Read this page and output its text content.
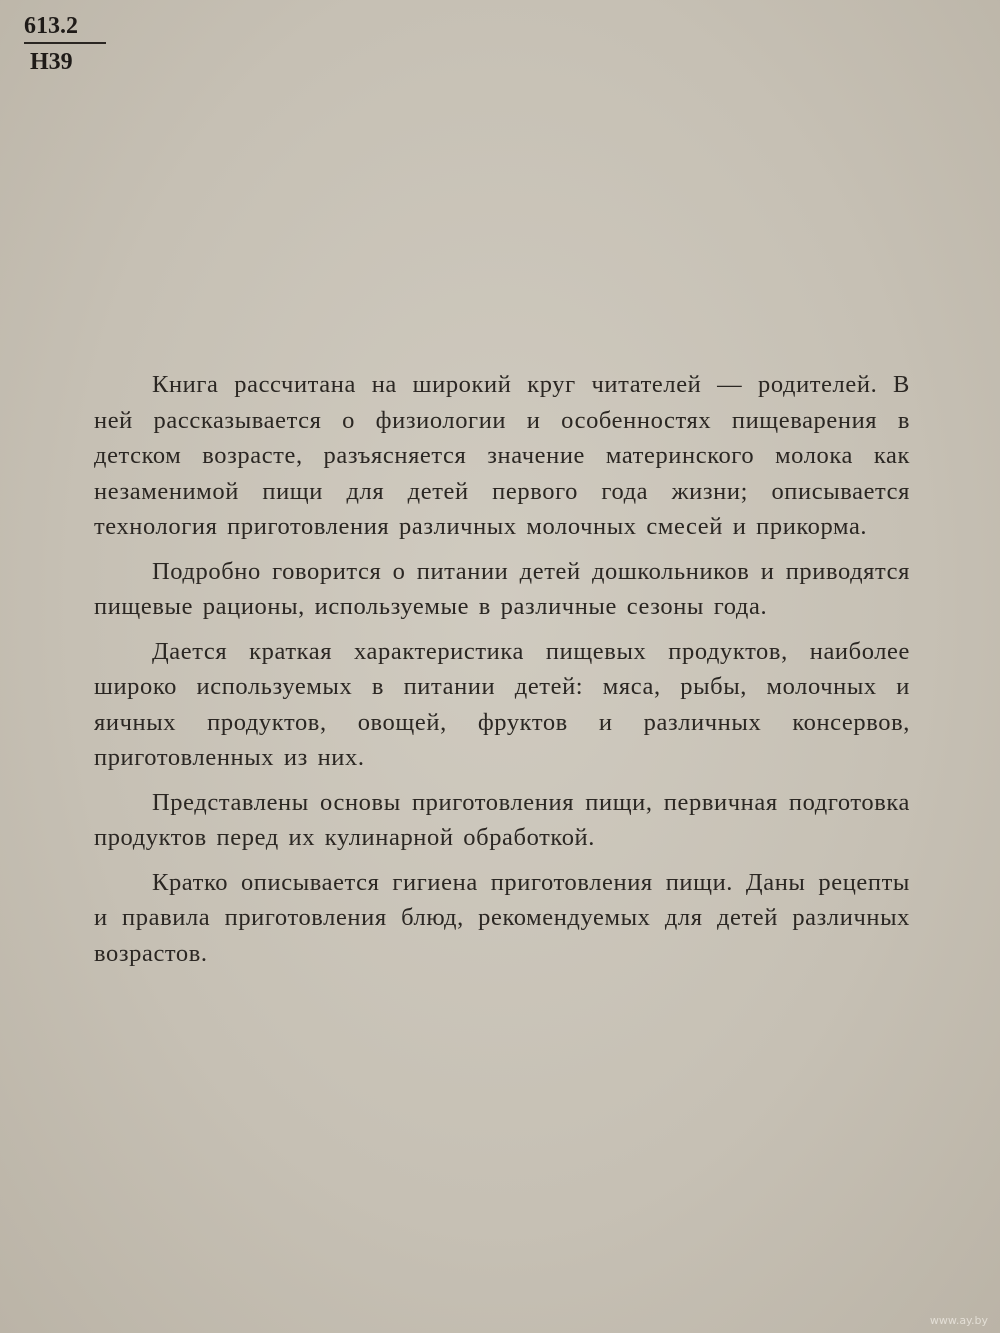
613.2
Н39

Книга рассчитана на широкий круг читателей — родителей. В ней рассказывается о физиологии и особенностях пищеварения в детском возрасте, разъясняется значение материнского молока как незаменимой пищи для детей первого года жизни; описывается технология приготовления различных молочных смесей и прикорма.

Подробно говорится о питании детей дошкольников и приводятся пищевые рационы, используемые в различные сезоны года.

Дается краткая характеристика пищевых продуктов, наиболее широко используемых в питании детей: мяса, рыбы, молочных и яичных продуктов, овощей, фруктов и различных консервов, приготовленных из них.

Представлены основы приготовления пищи, первичная подготовка продуктов перед их кулинарной обработкой.

Кратко описывается гигиена приготовления пищи. Даны рецепты и правила приготовления блюд, рекомендуемых для детей различных возрастов.

www.ay.by
